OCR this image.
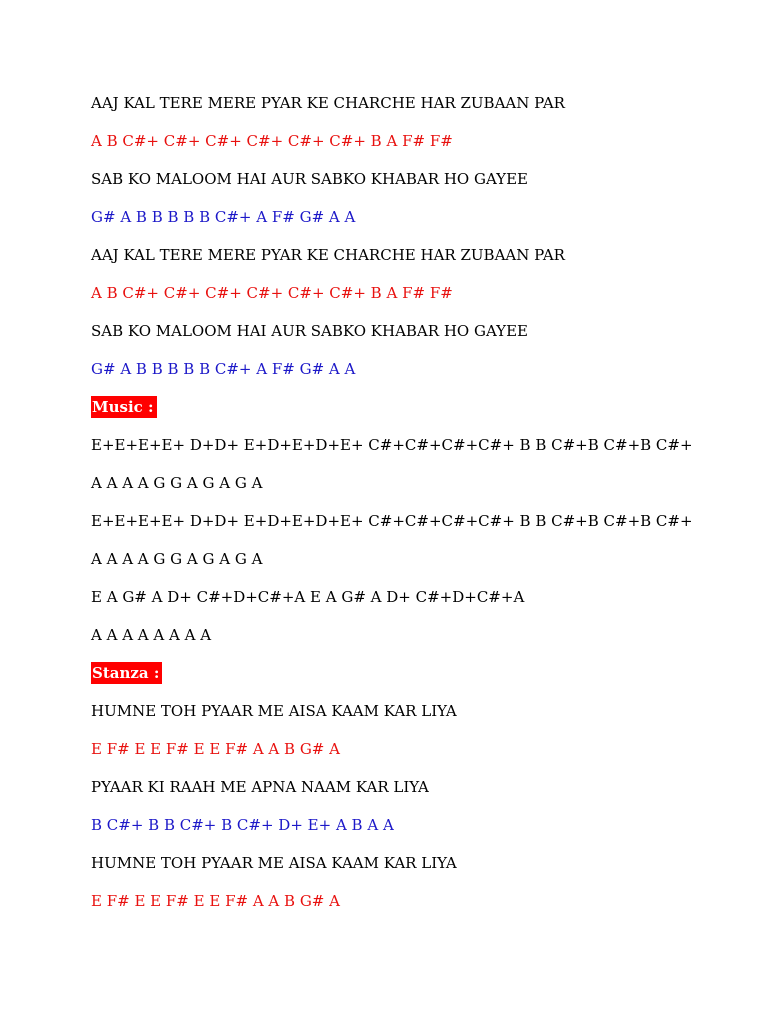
AAJ KAL TERE MERE PYAR KE CHARCHE HAR ZUBAAN PAR
A B C#+ C#+ C#+ C#+ C#+ C#+ B A F# F#
SAB KO MALOOM HAI AUR SABKO KHABAR HO GAYEE
G# A B B B B B C#+ A F# G# A A
AAJ KAL TERE MERE PYAR KE CHARCHE HAR ZUBAAN PAR
A B C#+ C#+ C#+ C#+ C#+ C#+ B A F# F#
SAB KO MALOOM HAI AUR SABKO KHABAR HO GAYEE
G# A B B B B B C#+ A F# G# A A
Music :
E+E+E+E+ D+D+ E+D+E+D+E+ C#+C#+C#+C#+ B B C#+B C#+B C#+
A A A A G G A G A G A
E+E+E+E+ D+D+ E+D+E+D+E+ C#+C#+C#+C#+ B B C#+B C#+B C#+
A A A A G G A G A G A
E A G# A D+ C#+D+C#+A E A G# A D+ C#+D+C#+A
A A A A A A A A
Stanza :
HUMNE TOH PYAAR ME AISA KAAM KAR LIYA
E F# E E F# E E F# A A B G# A
PYAAR KI RAAH ME APNA NAAM KAR LIYA
B C#+ B B C#+ B C#+ D+ E+ A B A A
HUMNE TOH PYAAR ME AISA KAAM KAR LIYA
E F# E E F# E E F# A A B G# A
